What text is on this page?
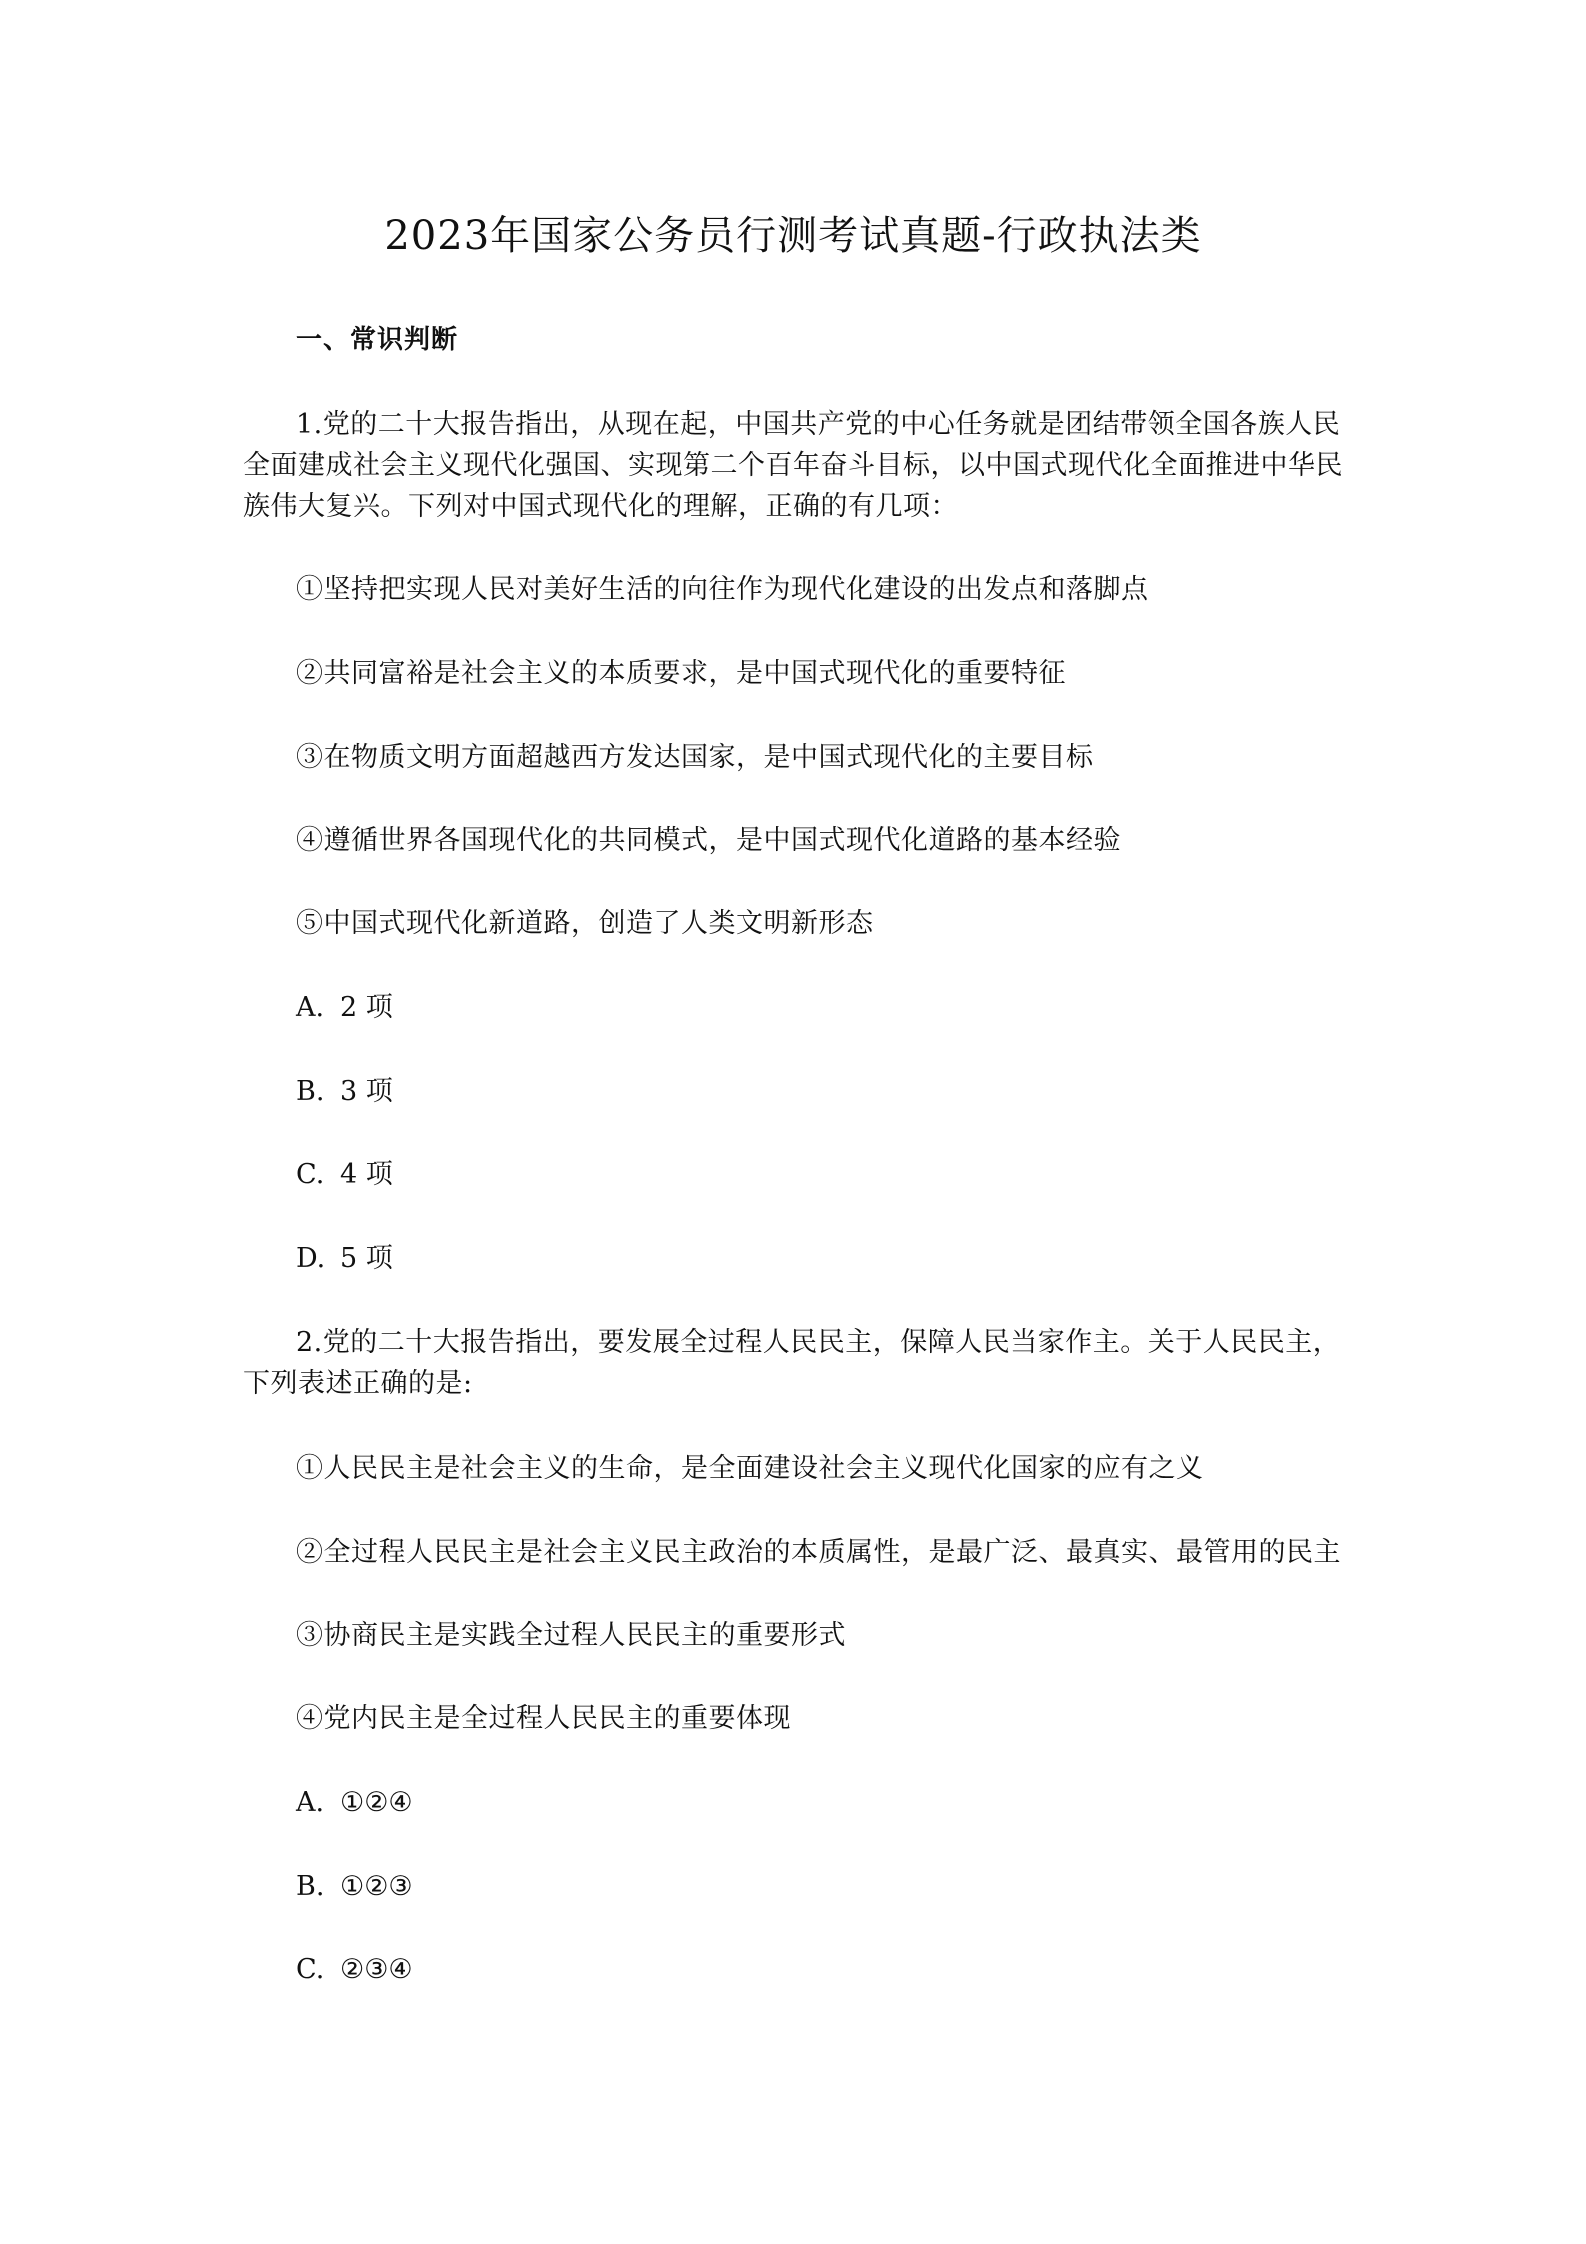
2023年国家公务员行测考试真题-行政执法类
一、常识判断
1.党的二十大报告指出，从现在起，中国共产党的中心任务就是团结带领全国各族人民全面建成社会主义现代化强国、实现第二个百年奋斗目标，以中国式现代化全面推进中华民族伟大复兴。下列对中国式现代化的理解，正确的有几项：
①坚持把实现人民对美好生活的向往作为现代化建设的出发点和落脚点
②共同富裕是社会主义的本质要求，是中国式现代化的重要特征
③在物质文明方面超越西方发达国家，是中国式现代化的主要目标
④遵循世界各国现代化的共同模式，是中国式现代化道路的基本经验
⑤中国式现代化新道路，创造了人类文明新形态
A. 2 项
B. 3 项
C. 4 项
D. 5 项
2.党的二十大报告指出，要发展全过程人民民主，保障人民当家作主。关于人民民主，下列表述正确的是:
①人民民主是社会主义的生命，是全面建设社会主义现代化国家的应有之义
②全过程人民民主是社会主义民主政治的本质属性，是最广泛、最真实、最管用的民主
③协商民主是实践全过程人民民主的重要形式
④党内民主是全过程人民民主的重要体现
A. ①②④
B. ①②③
C. ②③④
